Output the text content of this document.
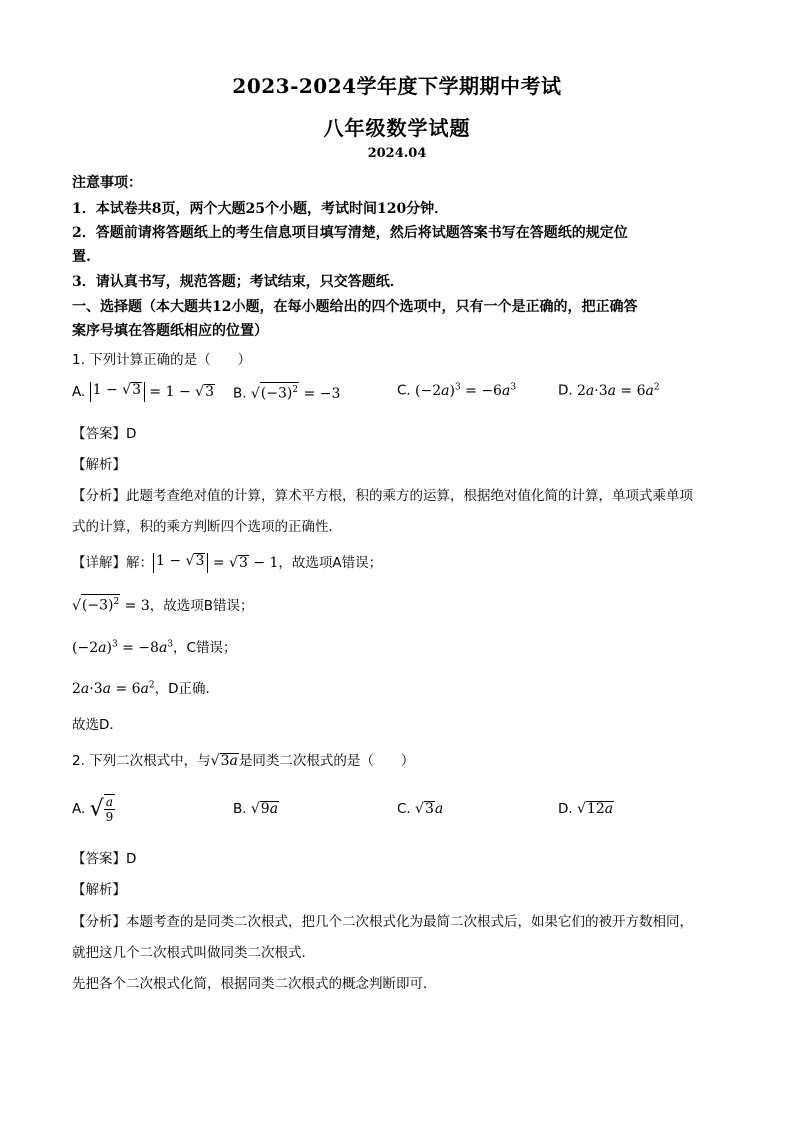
2023-2024学年度下学期期中考试
八年级数学试题
2024.04
注意事项：
1．本试卷共8页，两个大题25个小题，考试时间120分钟．
2．答题前请将答题纸上的考生信息项目填写清楚，然后将试题答案书写在答题纸的规定位
置.
3．请认真书写，规范答题；考试结束，只交答题纸．
一、选择题（本大题共12小题，在每小题给出的四个选项中，只有一个是正确的，把正确答
案序号填在答题纸相应的位置）
1. 下列计算正确的是（　　）
A. 1 − √3 = 1 − √3 B. $√(-3)^2 = -3$	C. $(-2a)^3 = -6a^3$	D. $2a\cdot 3a = 6a^2$
【答案】D
【解析】
【分析】此题考查绝对值的计算，算术平方根，积的乘方的运算，根据绝对值化简的计算，单项式乘单项
式的计算，积的乘方判断四个选项的正确性．
【详解】解： 1 − √3 = √3 − 1，故选项A错误；
$√(-3)^2 = 3$，故选项B错误；
$(-2a)^3 = -8a^3$，C错误；
$2a\cdot 3a = 6a^2$，D正确．
故选D．
2. 下列二次根式中，与√3a是同类二次根式的是（　　）
A. √ $\frac{a}{9}$	B. √9a	C. √3a	D. √12a
【答案】D
【解析】
【分析】本题考查的是同类二次根式，把几个二次根式化为最简二次根式后，如果它们的被开方数相同，
就把这几个二次根式叫做同类二次根式．
先把各个二次根式化简，根据同类二次根式的概念判断即可．
